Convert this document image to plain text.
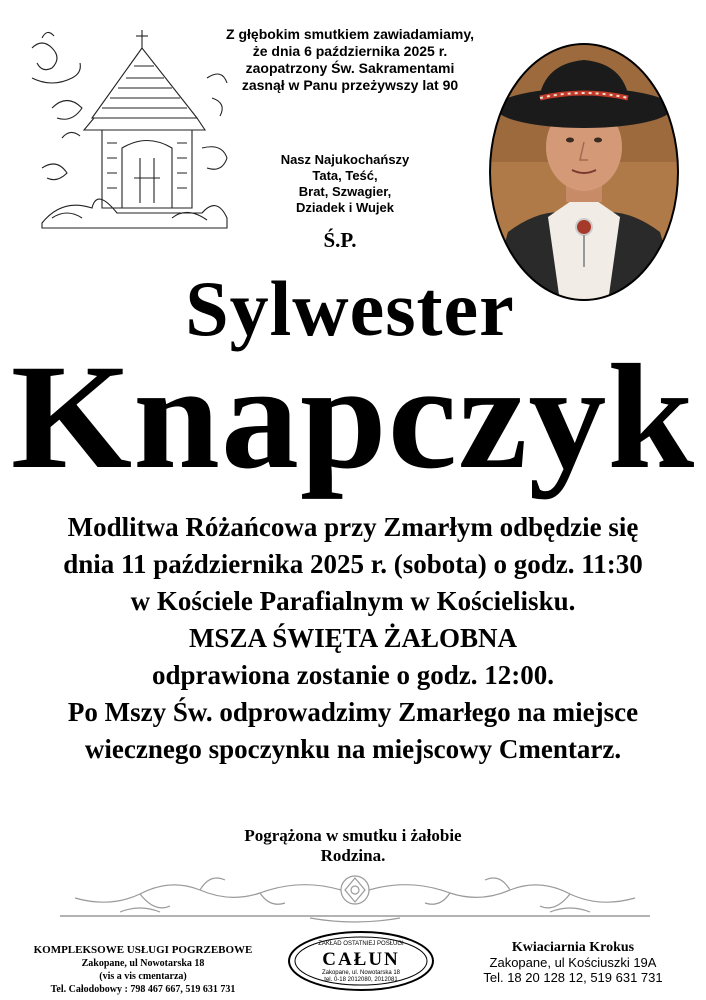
Z głębokim smutkiem zawiadamiamy,
że dnia 6 października 2025 r.
zaopatrzony Św. Sakramentami
zasnął w Panu przeżywszy lat 90
Nasz Najukochańszy
Tata, Teść,
Brat, Szwagier,
Dziadek i Wujek
Ś.P.
Sylwester
Knapczyk
Modlitwa Różańcowa przy Zmarłym odbędzie się
dnia 11 października 2025 r. (sobota) o godz. 11:30
w Kościele Parafialnym w Kościelisku.
MSZA ŚWIĘTA ŻAŁOBNA
odprawiona zostanie o godz. 12:00.
Po Mszy Św. odprowadzimy Zmarłego na miejsce
wiecznego spoczynku na miejscowy Cmentarz.
Pogrążona w smutku i żałobie
Rodzina.
KOMPLEKSOWE USŁUGI POGRZEBOWE
Zakopane, ul Nowotarska 18
(vis a vis cmentarza)
Tel. Całodobowy : 798 467 667, 519 631 731
ZAKŁAD OSTATNIEJ POSŁUGI
CAŁUN
Zakopane, ul. Nowotarska 18
tel. 0-18 2012080, 2012081
Kwiaciarnia Krokus
Zakopane, ul Kościuszki 19A
Tel. 18 20 128 12, 519 631 731
